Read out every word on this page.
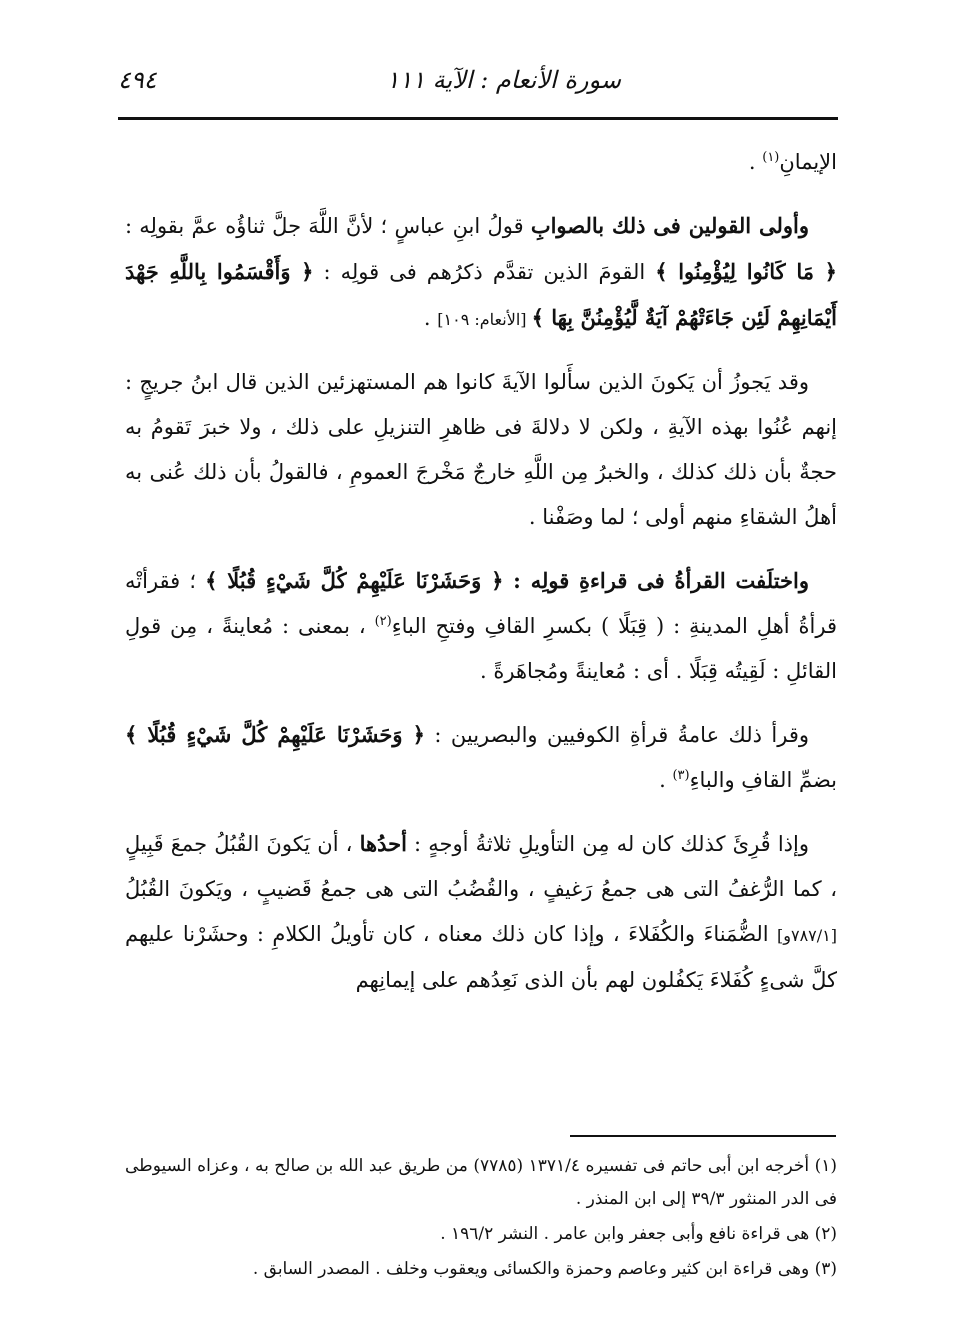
سورة الأنعام : الآية ١١١
٤٩٤

الإيمانِ$^{(١)}$ .

وأولى القولين فى ذلك بالصوابِ قولُ ابنِ عباسٍ ؛ لأنَّ اللَّهَ جلَّ ثناؤُه عمَّ بقولِه : ﴿ مَا كَانُوا لِيُؤْمِنُوا ﴾ القومَ الذين تقدَّم ذكرُهم فى قولِه : ﴿ وَأَقْسَمُوا بِاللَّهِ جَهْدَ أَيْمَانِهِمْ لَئِن جَاءَتْهُمْ آيَةٌ لَّيُؤْمِنُنَّ بِهَا ﴾ [الأنعام: ١٠٩] .

وقد يَجوزُ أن يَكونَ الذين سأَلوا الآيةَ كانوا هم المستهزئين الذين قال ابنُ جريجٍ : إنهم عُنُوا بهذه الآيةِ ، ولكن لا دلالةَ فى ظاهرِ التنزيلِ على ذلك ، ولا خبرَ تَقومُ به حجةٌ بأن ذلك كذلك ، والخبرُ مِن اللَّهِ خارجٌ مَخْرجَ العمومِ ، فالقولُ بأن ذلك عُنى به أهلُ الشقاءِ منهم أولى ؛ لما وصَفْنا .

واختلَفت القرأةُ فى قراءةِ قولِه : ﴿ وَحَشَرْنَا عَلَيْهِمْ كُلَّ شَيْءٍ قُبُلًا ﴾ ؛ فقرأتْه قرأةُ أهلِ المدينةِ : ( قِبَلًا ) بكسرِ القافِ وفتحِ الباءِ$^{(٢)}$ ، بمعنى : مُعاينةً ، مِن قولِ القائلِ : لَقِيتُه قِبَلًا . أى : مُعاينةً ومُجاهَرةً .

وقرأ ذلك عامةُ قرأةِ الكوفيين والبصريين : ﴿ وَحَشَرْنَا عَلَيْهِمْ كُلَّ شَيْءٍ قُبُلًا ﴾ بضمِّ القافِ والباءِ$^{(٣)}$ .

وإذا قُرِئَ كذلك كان له مِن التأويلِ ثلاثةُ أوجهٍ : أحدُها ، أن يَكونَ القُبُلُ جمعَ قَبِيلٍ ، كما الرُّغفُ التى هى جمعُ رَغيفٍ ، والقُضُبُ التى هى جمعُ قَضيبٍ ، ويَكونَ القُبُلُ [٧٨٧/١و] الضُّمَناءَ والكُفَلاءَ ، وإذا كان ذلك معناه ، كان تأويلُ الكلامِ : وحشَرْنا عليهم كلَّ شىءٍ كُفَلاءَ يَكفُلون لهم بأن الذى نَعِدُهم على إيمانِهم

(١) أخرجه ابن أبى حاتم فى تفسيره ١٣٧١/٤ (٧٧٨٥) من طريق عبد الله بن صالح به ، وعزاه السيوطى فى الدر المنثور ٣٩/٣ إلى ابن المنذر .

(٢) هى قراءة نافع وأبى جعفر وابن عامر . النشر ١٩٦/٢ .

(٣) وهى قراءة ابن كثير وعاصم وحمزة والكسائى ويعقوب وخلف . المصدر السابق .
